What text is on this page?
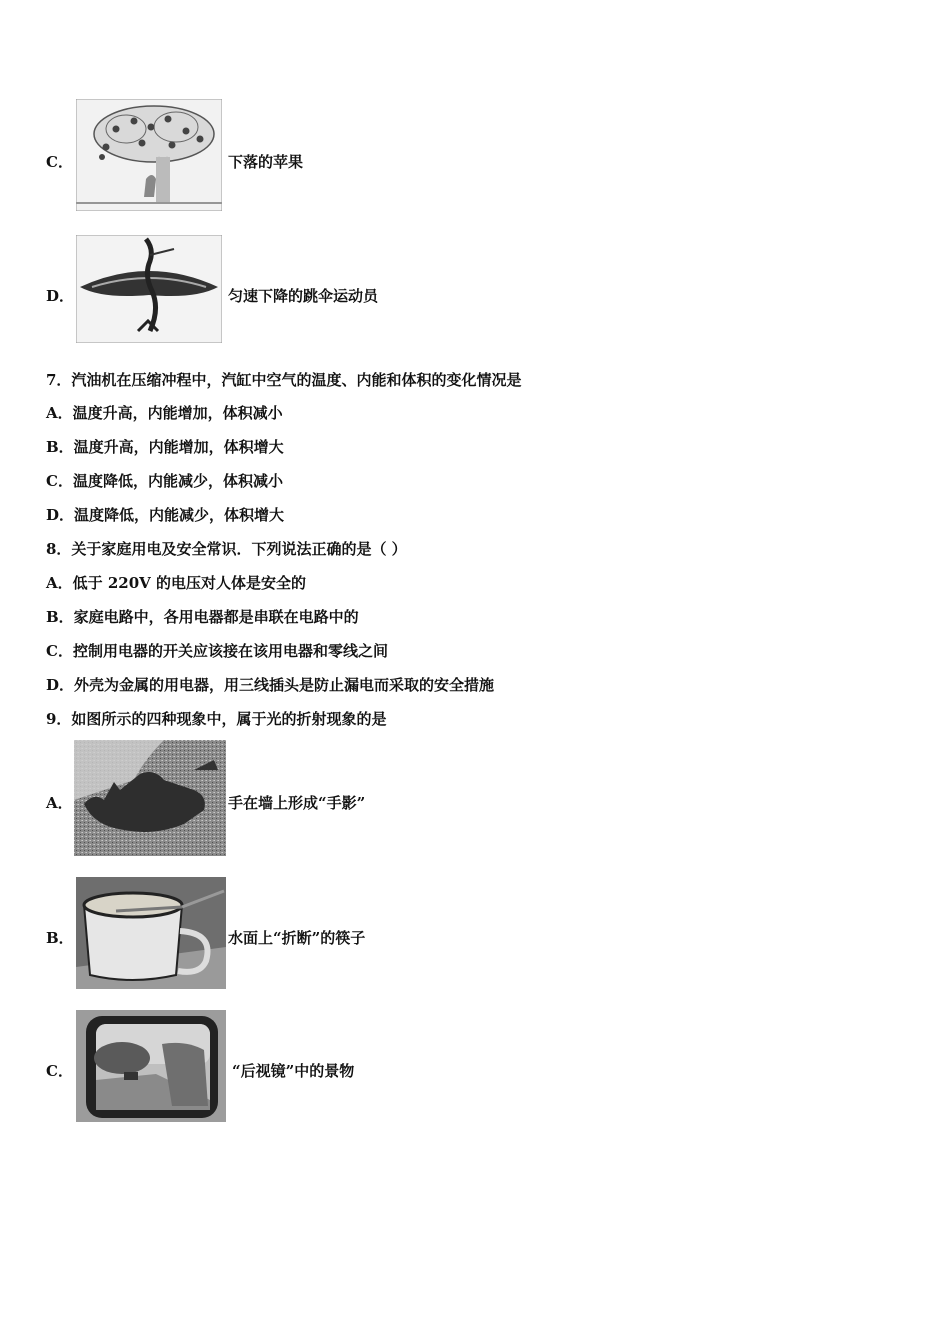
C．	下落的苹果
D．	匀速下降的跳伞运动员
7．汽油机在压缩冲程中，汽缸中空气的温度、内能和体积的变化情况是
A．温度升高，内能增加，体积减小
B．温度升高，内能增加，体积增大
C．温度降低，内能减少，体积减小
D．温度降低，内能减少，体积增大
8．关于家庭用电及安全常识．下列说法正确的是（ ）
A．低于 220V 的电压对人体是安全的
B．家庭电路中，各用电器都是串联在电路中的
C．控制用电器的开关应该接在该用电器和零线之间
D．外壳为金属的用电器，用三线插头是防止漏电而采取的安全措施
9．如图所示的四种现象中，属于光的折射现象的是
A．	手在墙上形成“手影”
B．	水面上“折断”的筷子
C．	“后视镜”中的景物
